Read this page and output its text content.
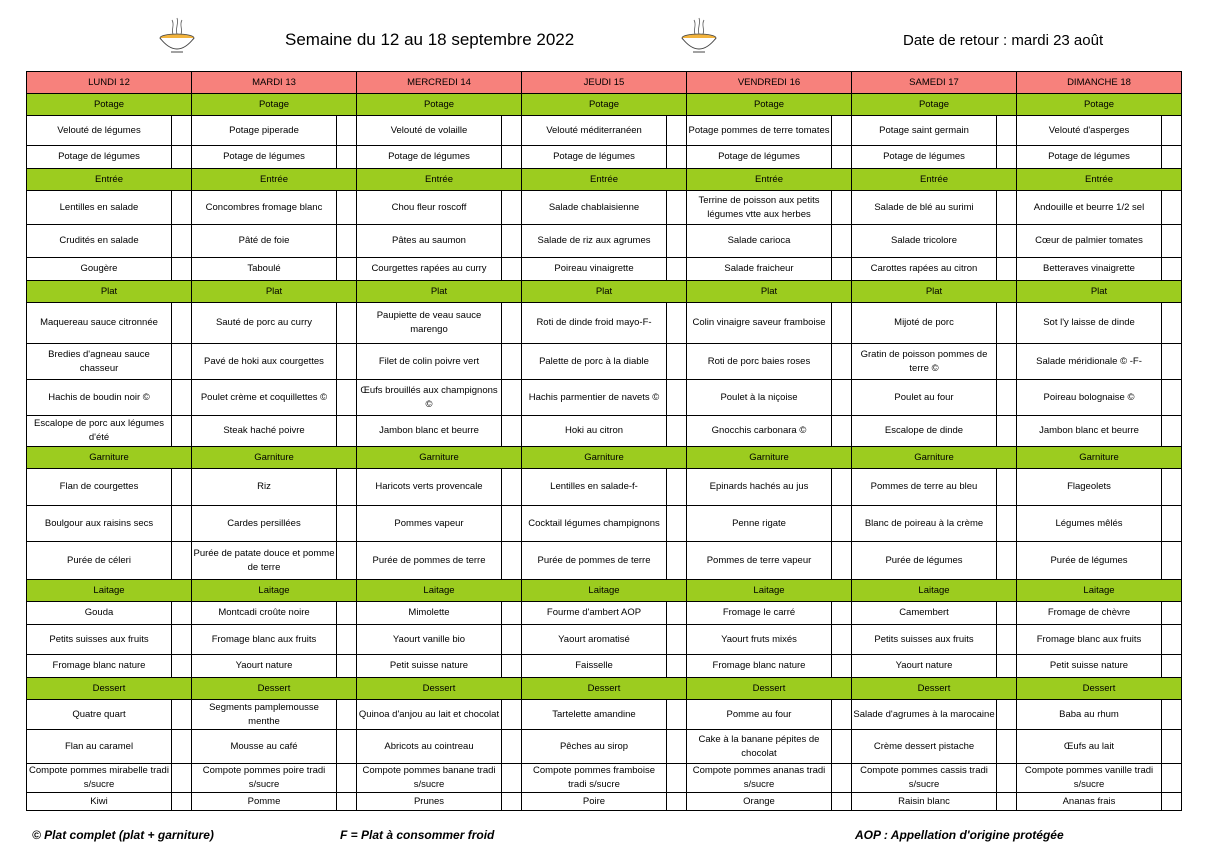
Semaine du 12 au 18 septembre 2022	Date de retour : mardi 23 août
LUNDI 12		MARDI 13		MERCREDI 14		JEUDI 15		VENDREDI 16		SAMEDI 17		DIMANCHE 18	
Potage		Potage		Potage		Potage		Potage		Potage		Potage	
Velouté de légumes		Potage piperade		Velouté de volaille		Velouté méditerranéen		Potage pommes de terre tomates		Potage saint germain		Velouté d'asperges	
Potage de légumes		Potage de légumes		Potage de légumes		Potage de légumes		Potage de légumes		Potage de légumes		Potage de légumes	
Entrée		Entrée		Entrée		Entrée		Entrée		Entrée		Entrée	
Lentilles en salade		Concombres fromage blanc		Chou fleur roscoff		Salade chablaisienne		Terrine de poisson aux petits légumes vtte aux herbes		Salade de blé au surimi		Andouille et beurre 1/2 sel	
Crudités en salade		Pâté de foie		Pâtes au saumon		Salade de riz aux agrumes		Salade carioca		Salade tricolore		Cœur de palmier tomates	
Gougère		Taboulé		Courgettes rapées au curry		Poireau vinaigrette		Salade fraicheur		Carottes rapées au citron		Betteraves vinaigrette	
Plat		Plat		Plat		Plat		Plat		Plat		Plat	
Maquereau sauce citronnée		Sauté de porc au curry		Paupiette de veau sauce marengo		Roti de dinde froid mayo-F-		Colin vinaigre saveur framboise		Mijoté de porc		Sot l'y laisse de dinde	
Bredies d'agneau sauce chasseur		Pavé de hoki aux courgettes		Filet de colin poivre vert		Palette de porc à la diable		Roti de porc baies roses		Gratin de poisson pommes de terre ©		Salade méridionale © -F-	
Hachis de boudin noir ©		Poulet crème et coquillettes ©		Œufs brouillés aux champignons ©		Hachis parmentier de navets ©		Poulet à la niçoise		Poulet au four		Poireau bolognaise ©	
Escalope de porc aux légumes d'été		Steak haché poivre		Jambon blanc et beurre		Hoki au citron		Gnocchis carbonara ©		Escalope de dinde		Jambon blanc et beurre	
Garniture		Garniture		Garniture		Garniture		Garniture		Garniture		Garniture	
Flan de courgettes		Riz		Haricots verts provencale		Lentilles en salade-f-		Epinards hachés au jus		Pommes de terre au bleu		Flageolets	
Boulgour aux raisins secs		Cardes persillées		Pommes vapeur		Cocktail légumes champignons		Penne rigate		Blanc de poireau à la crème		Légumes mêlés	
Purée de céleri		Purée de patate douce et pomme de terre		Purée de pommes de terre		Purée de pommes de terre		Pommes de terre vapeur		Purée de légumes		Purée de légumes	
Laitage		Laitage		Laitage		Laitage		Laitage		Laitage		Laitage	
Gouda		Montcadi croûte noire		Mimolette		Fourme d'ambert AOP		Fromage le carré		Camembert		Fromage de chèvre	
Petits suisses aux fruits		Fromage blanc aux fruits		Yaourt vanille bio		Yaourt aromatisé		Yaourt fruts mixés		Petits suisses aux fruits		Fromage blanc aux fruits	
Fromage blanc nature		Yaourt nature		Petit suisse nature		Faisselle		Fromage blanc nature		Yaourt nature		Petit suisse nature	
Dessert		Dessert		Dessert		Dessert		Dessert		Dessert		Dessert	
Quatre quart		Segments pamplemousse menthe		Quinoa d'anjou au lait et chocolat		Tartelette amandine		Pomme au four		Salade d'agrumes à la marocaine		Baba au rhum	
Flan au caramel		Mousse au café		Abricots au cointreau		Pêches au sirop		Cake à la banane pépites de chocolat		Crème dessert pistache		Œufs au lait	
Compote pommes mirabelle tradi s/sucre		Compote pommes poire tradi s/sucre		Compote pommes banane tradi s/sucre		Compote pommes framboise tradi s/sucre		Compote pommes ananas tradi s/sucre		Compote pommes cassis tradi s/sucre		Compote pommes vanille tradi s/sucre	
Kiwi		Pomme		Prunes		Poire		Orange		Raisin blanc		Ananas frais	
© Plat complet (plat + garniture)	F = Plat à consommer froid	AOP : Appellation d'origine protégée
